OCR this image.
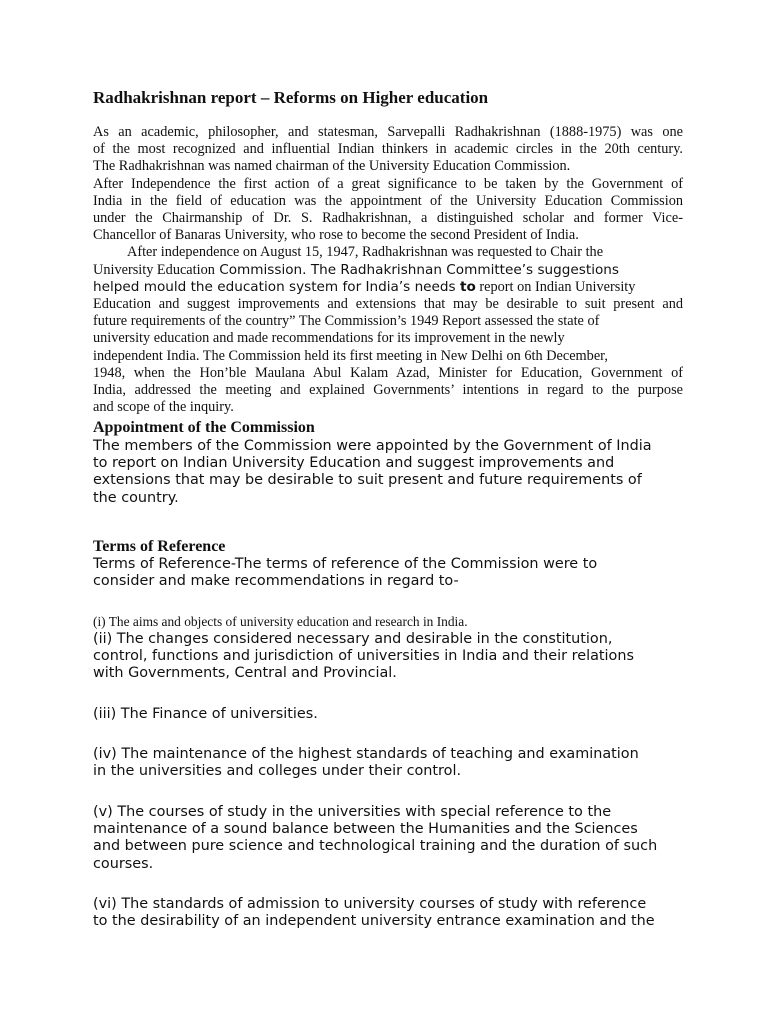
Radhakrishnan report – Reforms on Higher education
As an academic, philosopher, and statesman, Sarvepalli Radhakrishnan (1888-1975) was one
of the most recognized and influential Indian thinkers in academic circles in the 20th century.
The Radhakrishnan was named chairman of the University Education Commission.
After Independence the first action of a great significance to be taken by the Government of
India in the field of education was the appointment of the University Education Commission
under the Chairmanship of Dr. S. Radhakrishnan, a distinguished scholar and former Vice-
Chancellor of Banaras University, who rose to become the second President of India.
After independence on August 15, 1947, Radhakrishnan was requested to Chair the
University Education Commission. The Radhakrishnan Committee’s suggestions
helped mould the education system for India’s needs to report on Indian University
Education and suggest improvements and extensions that may be desirable to suit present and
future requirements of the country” The Commission’s 1949 Report assessed the state of
university education and made recommendations for its improvement in the newly
independent India. The Commission held its first meeting in New Delhi on 6th December,
1948, when the Hon’ble Maulana Abul Kalam Azad, Minister for Education, Government of
India, addressed the meeting and explained Governments’ intentions in regard to the purpose
and scope of the inquiry.
Appointment of the Commission
The members of the Commission were appointed by the Government of India
to report on Indian University Education and suggest improvements and
extensions that may be desirable to suit present and future requirements of
the country.
Terms of Reference
Terms of Reference-The terms of reference of the Commission were to
consider and make recommendations in regard to-

(i) The aims and objects of university education and research in India.

(ii) The changes considered necessary and desirable in the constitution,
control, functions and jurisdiction of universities in India and their relations
with Governments, Central and Provincial.
(iii) The Finance of universities.
(iv) The maintenance of the highest standards of teaching and examination
in the universities and colleges under their control.
(v) The courses of study in the universities with special reference to the
maintenance of a sound balance between the Humanities and the Sciences
and between pure science and technological training and the duration of such
courses.
(vi) The standards of admission to university courses of study with reference
to the desirability of an independent university entrance examination and the
